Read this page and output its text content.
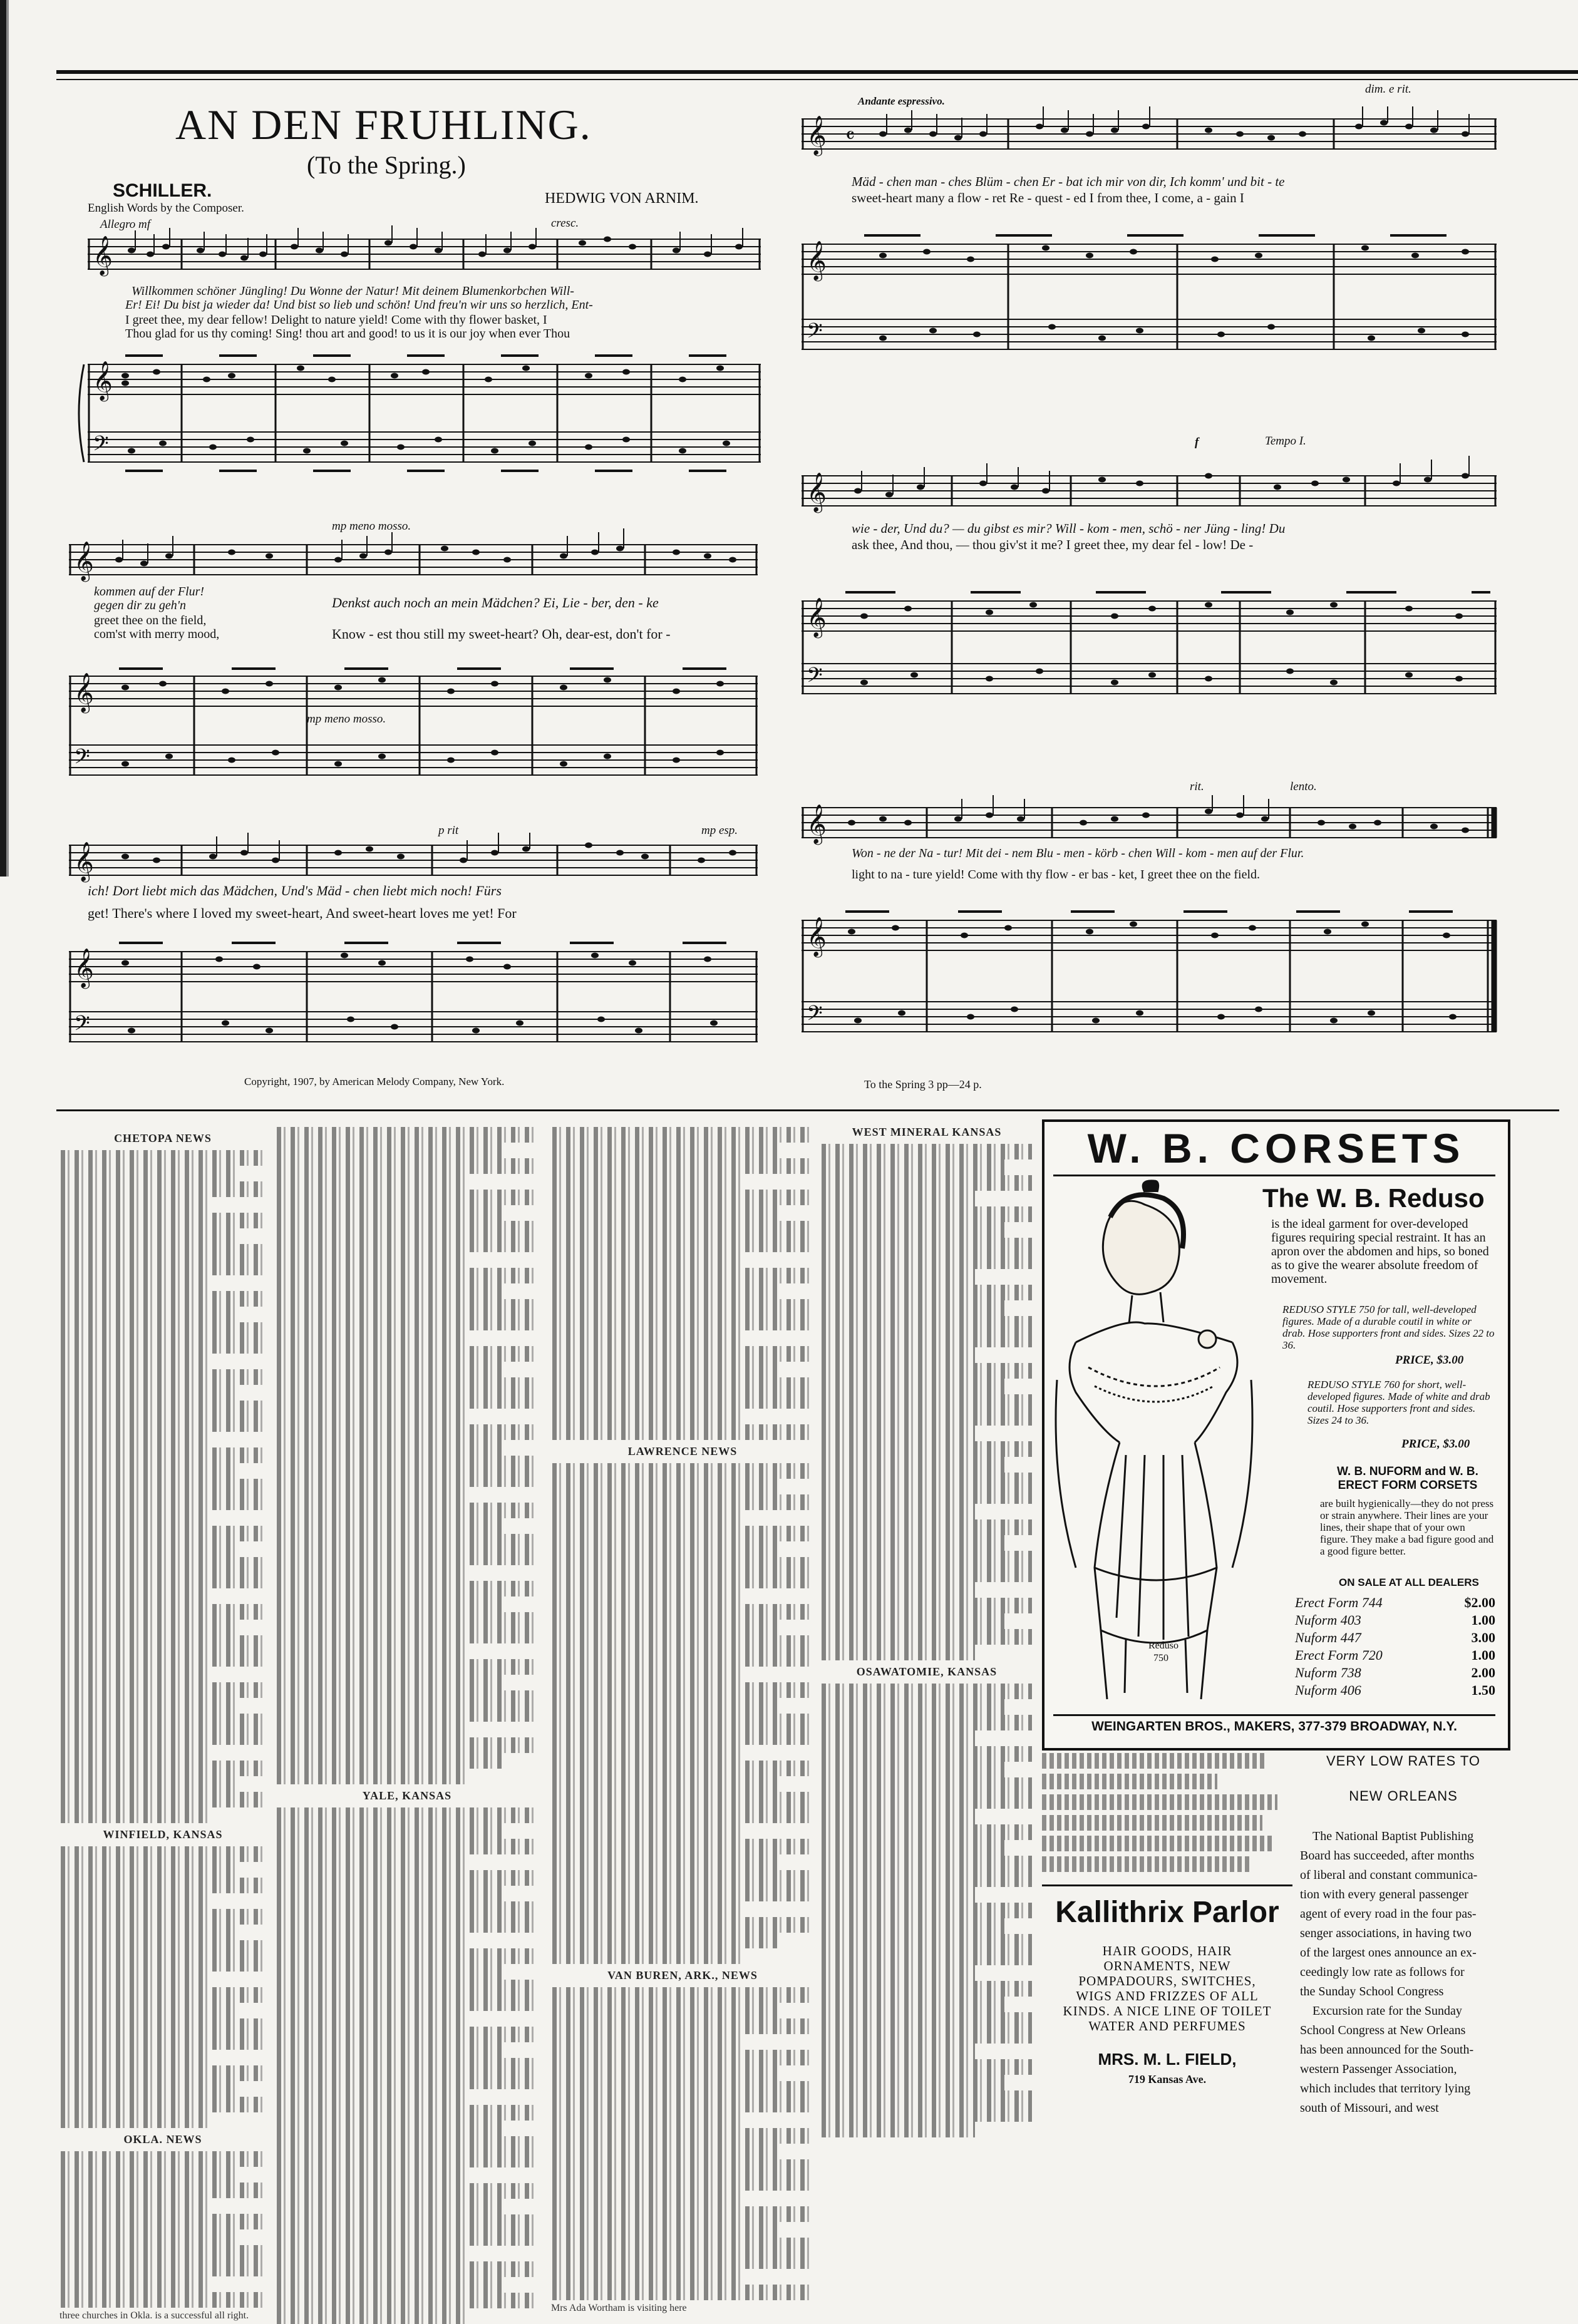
AN DEN FRUHLING.
(To the Spring.)
SCHILLER.
English Words by the Composer.
HEDWIG VON ARNIM.
𝄞
𝄞
𝄢
Allegro mf	cresc.
Willkommen schöner Jüngling! Du Wonne der Natur! Mit deinem Blumenkorbchen Will-
Er! Ei! Du bist ja wieder da! Und bist so lieb und schön! Und freu'n wir uns so herzlich, Ent-
I greet thee, my dear fellow! Delight to nature yield! Come with thy flower basket, I
Thou glad for us thy coming! Sing! thou art and good! to us it is our joy when ever Thou
𝄞
𝄞
𝄢
mp meno mosso.
mp meno mosso.
kommen auf der Flur!
gegen dir zu geh'n
greet thee on the field,
com'st with merry mood,
Denkst auch noch an mein Mädchen? Ei, Lie - ber, den - ke
Know - est thou still my sweet-heart? Oh, dear-est, don't for -
𝄞
𝄞
𝄢
p rit	mp esp.
ich! Dort liebt mich das Mädchen, Und's Mäd - chen liebt mich noch! Fürs
get! There's where I loved my sweet-heart, And sweet-heart loves me yet! For
Copyright, 1907, by American Melody Company, New York.
𝄞
𝄞
𝄢
𝄴
Andante espressivo.
dim. e rit.
Mäd - chen man - ches Blüm - chen Er - bat ich mir von dir, Ich komm' und bit - te
sweet-heart many a flow - ret Re - quest - ed I from thee, I come, a - gain I
𝄞
𝄞
𝄢
f	Tempo I.
wie - der, Und du? — du gibst es mir? Will - kom - men, schö - ner Jüng - ling! Du
ask thee, And thou, — thou giv'st it me? I greet thee, my dear fel - low! De -
𝄞
𝄞
𝄢
rit.	lento.
Won - ne der Na - tur! Mit dei - nem Blu - men - körb - chen Will - kom - men auf der Flur.
light to na - ture yield! Come with thy flow - er bas - ket, I greet thee on the field.
To the Spring 3 pp—24 p.
CHETOPA NEWS
WINFIELD, KANSAS
OKLA. NEWS
three churches in Okla. is a successful all right.
YALE, KANSAS
LAWRENCE NEWS
VAN BUREN, ARK., NEWS
Mrs Ada Wortham is visiting here
WEST MINERAL KANSAS
OSAWATOMIE, KANSAS
W. B. CORSETS
Reduso
750
The W. B. Reduso
is the ideal garment for over-developed figures requiring special restraint. It has an apron over the abdomen and hips, so boned as to give the wearer absolute freedom of movement.
REDUSO STYLE 750 for tall, well-developed figures. Made of a durable coutil in white or drab. Hose supporters front and sides. Sizes 22 to 36.
PRICE, $3.00
REDUSO STYLE 760 for short, well-developed figures. Made of white and drab coutil. Hose supporters front and sides. Sizes 24 to 36.
PRICE, $3.00
W. B. NUFORM and W. B. ERECT FORM CORSETS
are built hygienically—they do not press or strain anywhere. Their lines are your lines, their shape that of your own figure. They make a bad figure good and a good figure better.
ON SALE AT ALL DEALERS
Erect Form 744	$2.00
Nuform 403	1.00
Nuform 447	3.00
Erect Form 720	1.00
Nuform 738	2.00
Nuform 406	1.50
WEINGARTEN BROS., MAKERS, 377-379 BROADWAY, N.Y.
Kallithrix Parlor
HAIR GOODS, HAIR ORNAMENTS, NEW POMPADOURS, SWITCHES, WIGS AND FRIZZES OF ALL KINDS. A NICE LINE OF TOILET WATER AND PERFUMES
MRS. M. L. FIELD,
719 Kansas Ave.
VERY LOW RATES TO
NEW ORLEANS
The National Baptist Publishing
Board has succeeded, after months
of liberal and constant communica-
tion with every general passenger
agent of every road in the four pas-
senger associations, in having two
of the largest ones announce an ex-
ceedingly low rate as follows for
the Sunday School Congress
Excursion rate for the Sunday
School Congress at New Orleans
has been announced for the South-
western Passenger Association,
which includes that territory lying
south of Missouri, and west
